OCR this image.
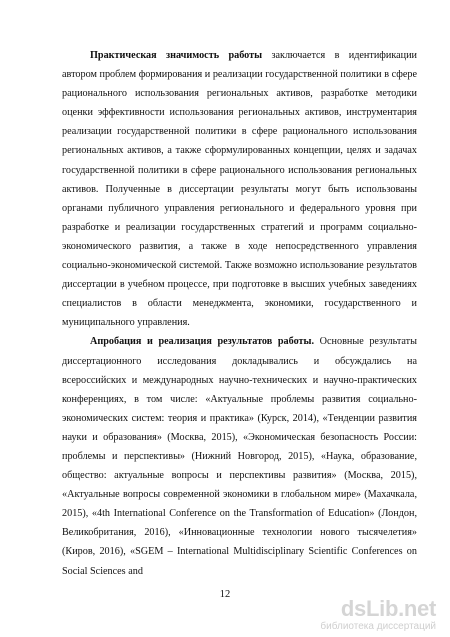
Практическая значимость работы заключается в идентификации автором проблем формирования и реализации государственной политики в сфере рационального использования региональных активов, разработке методики оценки эффективности использования региональных активов, инструментария реализации государственной политики в сфере рационального использования региональных активов, а также сформулированных концепции, целях и задачах государственной политики в сфере рационального использования региональных активов. Полученные в диссертации результаты могут быть использованы органами публичного управления регионального и федерального уровня при разработке и реализации государственных стратегий и программ социально-экономического развития, а также в ходе непосредственного управления социально-экономической системой. Также возможно использование результатов диссертации в учебном процессе, при подготовке в высших учебных заведениях специалистов в области менеджмента, экономики, государственного и муниципального управления.

Апробация и реализация результатов работы. Основные результаты диссертационного исследования докладывались и обсуждались на всероссийских и международных научно-технических и научно-практических конференциях, в том числе: «Актуальные проблемы развития социально-экономических систем: теория и практика» (Курск, 2014), «Тенденции развития науки и образования» (Москва, 2015), «Экономическая безопасность России: проблемы и перспективы» (Нижний Новгород, 2015), «Наука, образование, общество: актуальные вопросы и перспективы развития» (Москва, 2015), «Актуальные вопросы современной экономики в глобальном мире» (Махачкала, 2015), «4th International Conference on the Transformation of Education» (Лондон, Великобритания, 2016), «Инновационные технологии нового тысячелетия» (Киров, 2016), «SGEM – International Multidisciplinary Scientific Conferences on Social Sciences and

12
dsLib.net
библиотека диссертаций
